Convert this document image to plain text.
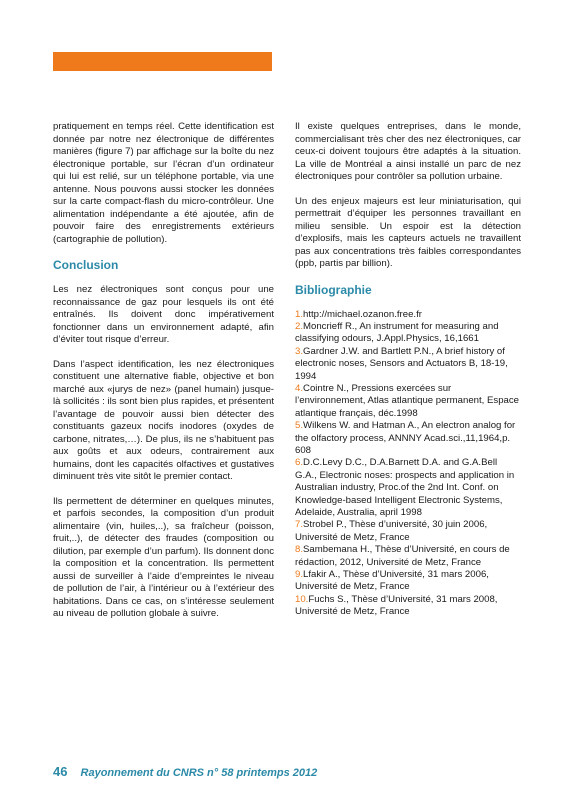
pratiquement en temps réel. Cette identification est donnée par notre nez électronique de différentes manières (figure 7) par affichage sur la boîte du nez électronique portable, sur l’écran d’un ordinateur qui lui est relié, sur un téléphone portable, via une antenne. Nous pouvons aussi stocker les données sur la carte compact-flash du micro-contrôleur. Une alimentation indépendante a été ajoutée, afin de pouvoir faire des enregistrements extérieurs (cartographie de pollution).

Conclusion

Les nez électroniques sont conçus pour une reconnaissance de gaz pour lesquels ils ont été entraînés. Ils doivent donc impérativement fonctionner dans un environnement adapté, afin d’éviter tout risque d’erreur.

Dans l’aspect identification, les nez électroniques constituent une alternative fiable, objective et bon marché aux «jurys de nez» (panel humain) jusque-là sollicités : ils sont bien plus rapides, et présentent l’avantage de pouvoir aussi bien détecter des constituants gazeux nocifs inodores (oxydes de carbone, nitrates,…). De plus, ils ne s’habituent pas aux goûts et aux odeurs, contrairement aux humains, dont les capacités olfactives et gustatives diminuent très vite sitôt le premier contact.

Ils permettent de déterminer en quelques minutes, et parfois secondes, la composition d’un produit alimentaire (vin, huiles,..), sa fraîcheur (poisson, fruit,..), de détecter des fraudes (composition ou dilution, par exemple d’un parfum). Ils donnent donc la composition et la concentration. Ils permettent aussi de surveiller à l’aide d’empreintes le niveau de pollution de l’air, à l’intérieur ou à l’extérieur des habitations. Dans ce cas, on s’intéresse seulement au niveau de pollution globale à suivre.

Il existe quelques entreprises, dans le monde, commercialisant très cher des nez électroniques, car ceux-ci doivent toujours être adaptés à la situation. La ville de Montréal a ainsi installé un parc de nez électroniques pour contrôler sa pollution urbaine.

Un des enjeux majeurs est leur miniaturisation, qui permettrait d’équiper les personnes travaillant en milieu sensible. Un espoir est la détection d’explosifs, mais les capteurs actuels ne travaillent pas aux concentrations très faibles correspondantes (ppb, partis par billion).

Bibliographie
1.http://michael.ozanon.free.fr
2.Moncrieff R., An instrument for measuring and classifying odours, J.Appl.Physics, 16,1661
3.Gardner J.W. and Bartlett P.N., A brief history of electronic noses, Sensors and Actuators B, 18-19, 1994
4.Cointre N., Pressions exercées sur l’environnement, Atlas atlantique permanent, Espace atlantique français, déc.1998
5.Wilkens W. and Hatman A., An electron analog for the olfactory process, ANNNY Acad.sci.,11,1964,p. 608
6.D.C.Levy D.C., D.A.Barnett D.A. and G.A.Bell G.A., Electronic noses: prospects and application in Australian industry, Proc.of the 2nd Int. Conf. on Knowledge-based Intelligent Electronic Systems, Adelaide, Australia, april 1998
7.Strobel P., Thèse d’université, 30 juin 2006, Université de Metz, France
8.Sambemana H., Thèse d’Université, en cours de rédaction, 2012, Université de Metz, France
9.Lfakir A., Thèse d’Université, 31 mars 2006, Université de Metz, France
10.Fuchs S., Thèse d’Université, 31 mars 2008, Université de Metz, France
46 Rayonnement du CNRS n° 58 printemps 2012
